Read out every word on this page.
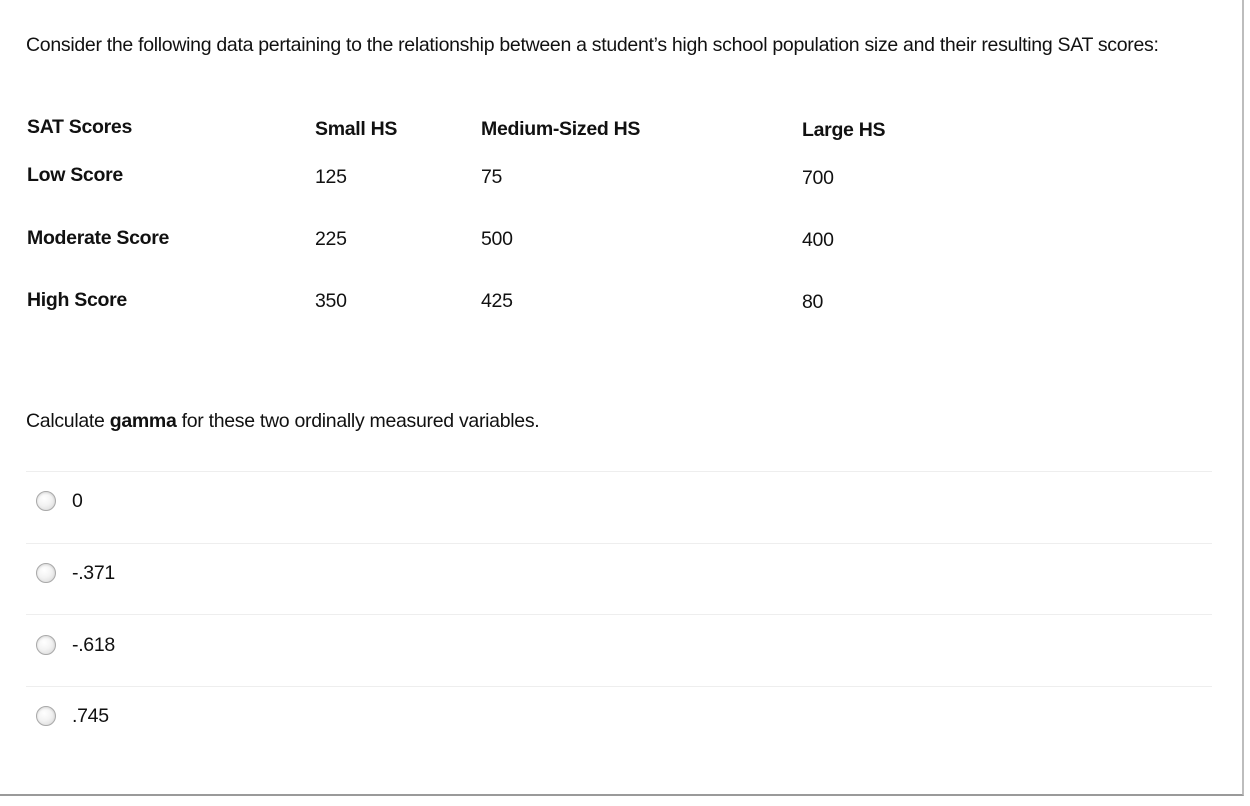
Consider the following data pertaining to the relationship between a student’s high school population size and their resulting SAT scores:
SAT Scores	Small HS	Medium-Sized HS	Large HS
Low Score	125	75	700
Moderate Score	225	500	400
High Score	350	425	80
Calculate gamma for these two ordinally measured variables.
0
-.371
-.618
.745
